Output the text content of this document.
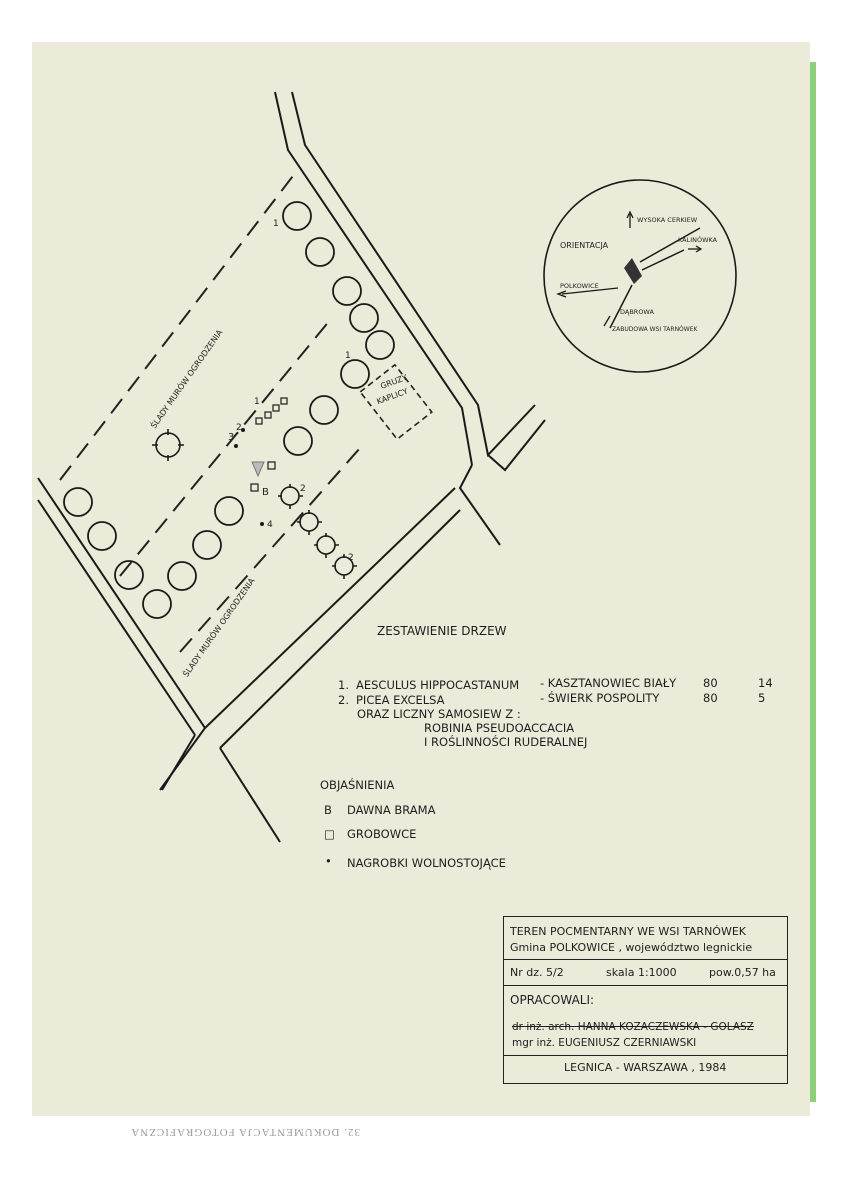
ŚLADY MURÓW OGRODZENIA
ŚLADY MURÓW OGRODZENIA
GRUZY
KAPLICY
B
1
1
2
2
1
2
3
4
ORIENTACJA
WYSOKA CERKIEW
KALINÓWKA
POLKOWICE
DĄBROWA
ZABUDOWA WSI TARNÓWEK
ZESTAWIENIE DRZEW
1. AESCULUS HIPPOCASTANUM - KASZTANOWIEC BIAŁY 80	14
2. PICEA EXCELSA	- ŚWIERK POSPOLITY	80	5
ORAZ LICZNY SAMOSIEW Z :
ROBINIA PSEUDOACCACIA
I ROŚLINNOŚCI RUDERALNEJ
OBJAŚNIENIA
B DAWNA BRAMA
□ GROBOWCE
• NAGROBKI WOLNOSTOJĄCE
TEREN POCMENTARNY WE WSI TARNÓWEK
Gmina POLKOWICE , województwo legnickie
Nr dz. 5/2	skala 1:1000	pow.0,57 ha
OPRACOWALI:
dr inż. arch. HANNA KOZACZEWSKA - GOLASZ
mgr inż. EUGENIUSZ CZERNIAWSKI
LEGNICA - WARSZAWA , 1984
32. DOKUMENTACJA FOTOGRAFICZNA
